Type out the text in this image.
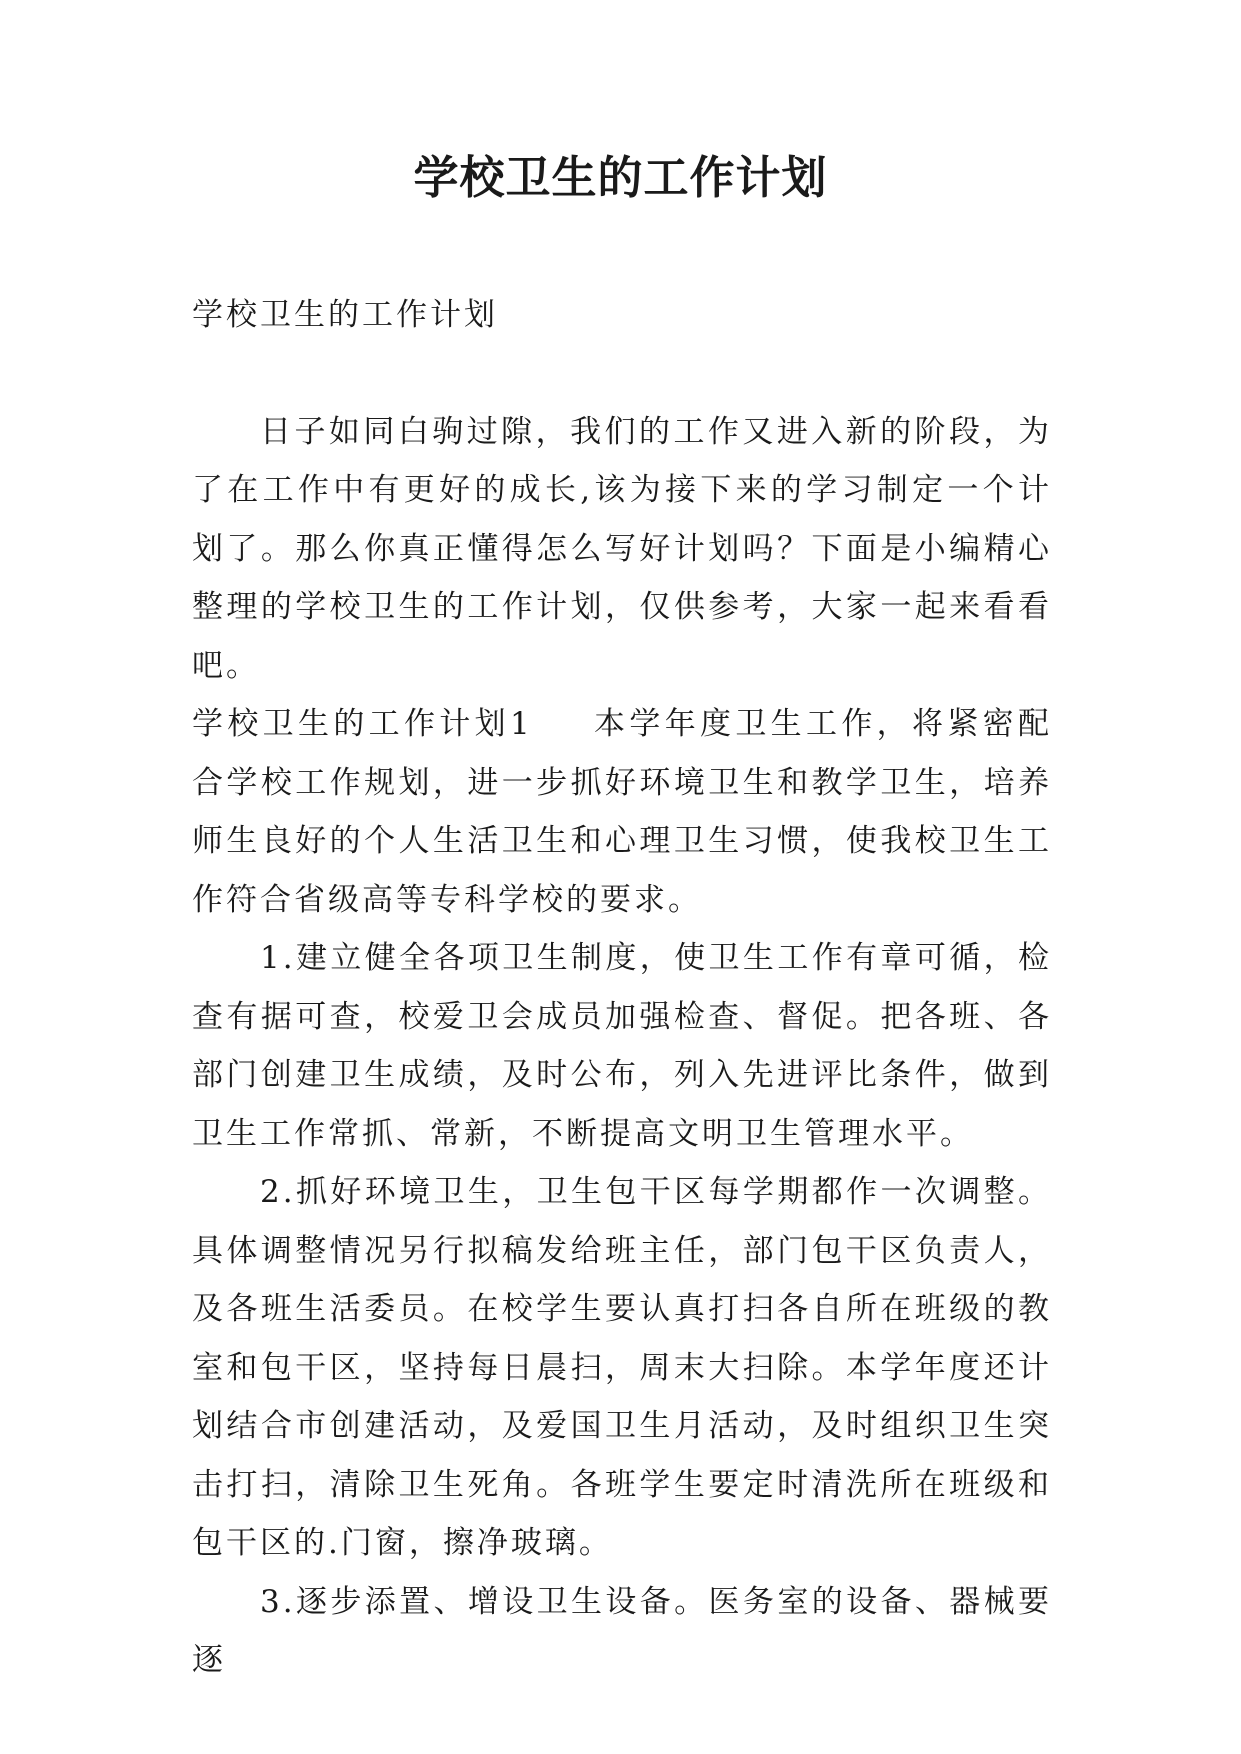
学校卫生的工作计划

学校卫生的工作计划

日子如同白驹过隙，我们的工作又进入新的阶段，为了在工作中有更好的成长,该为接下来的学习制定一个计划了。那么你真正懂得怎么写好计划吗？下面是小编精心整理的学校卫生的工作计划，仅供参考，大家一起来看看吧。

学校卫生的工作计划1 本学年度卫生工作，将紧密配合学校工作规划，进一步抓好环境卫生和教学卫生，培养师生良好的个人生活卫生和心理卫生习惯，使我校卫生工作符合省级高等专科学校的要求。

1.建立健全各项卫生制度，使卫生工作有章可循，检查有据可查，校爱卫会成员加强检查、督促。把各班、各部门创建卫生成绩，及时公布，列入先进评比条件，做到卫生工作常抓、常新，不断提高文明卫生管理水平。

2.抓好环境卫生，卫生包干区每学期都作一次调整。具体调整情况另行拟稿发给班主任，部门包干区负责人，及各班生活委员。在校学生要认真打扫各自所在班级的教室和包干区，坚持每日晨扫，周末大扫除。本学年度还计划结合市创建活动，及爱国卫生月活动，及时组织卫生突击打扫，清除卫生死角。各班学生要定时清洗所在班级和包干区的.门窗，擦净玻璃。

3.逐步添置、增设卫生设备。医务室的设备、器械要逐
